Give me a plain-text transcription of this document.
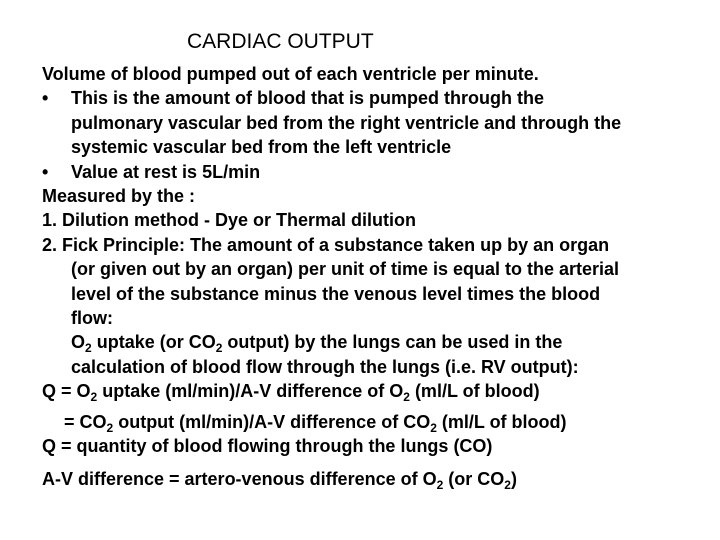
CARDIAC OUTPUT
Volume of blood pumped out of each ventricle per minute.
• This is the amount of blood that is pumped through the
pulmonary vascular bed from the right ventricle and through the
systemic vascular bed from the left ventricle
• Value at rest is 5L/min
Measured by the :
1. Dilution method - Dye or Thermal dilution
2. Fick Principle: The amount of a substance taken up by an organ
(or given out by an organ) per unit of time is equal to the arterial
level of the substance minus the venous level times the blood
flow:
$O_2$ uptake (or $CO_2$ output) by the lungs can be used in the
calculation of blood flow through the lungs (i.e. RV output):
$Q = O_2$ uptake (ml/min)/A-V difference of $O_2$ (ml/L of blood)
= $CO_2$ output (ml/min)/A-V difference of $CO_2$ (ml/L of blood)
Q = quantity of blood flowing through the lungs (CO)
A-V difference = artero-venous difference of $O_2$ (or $CO_2$)
